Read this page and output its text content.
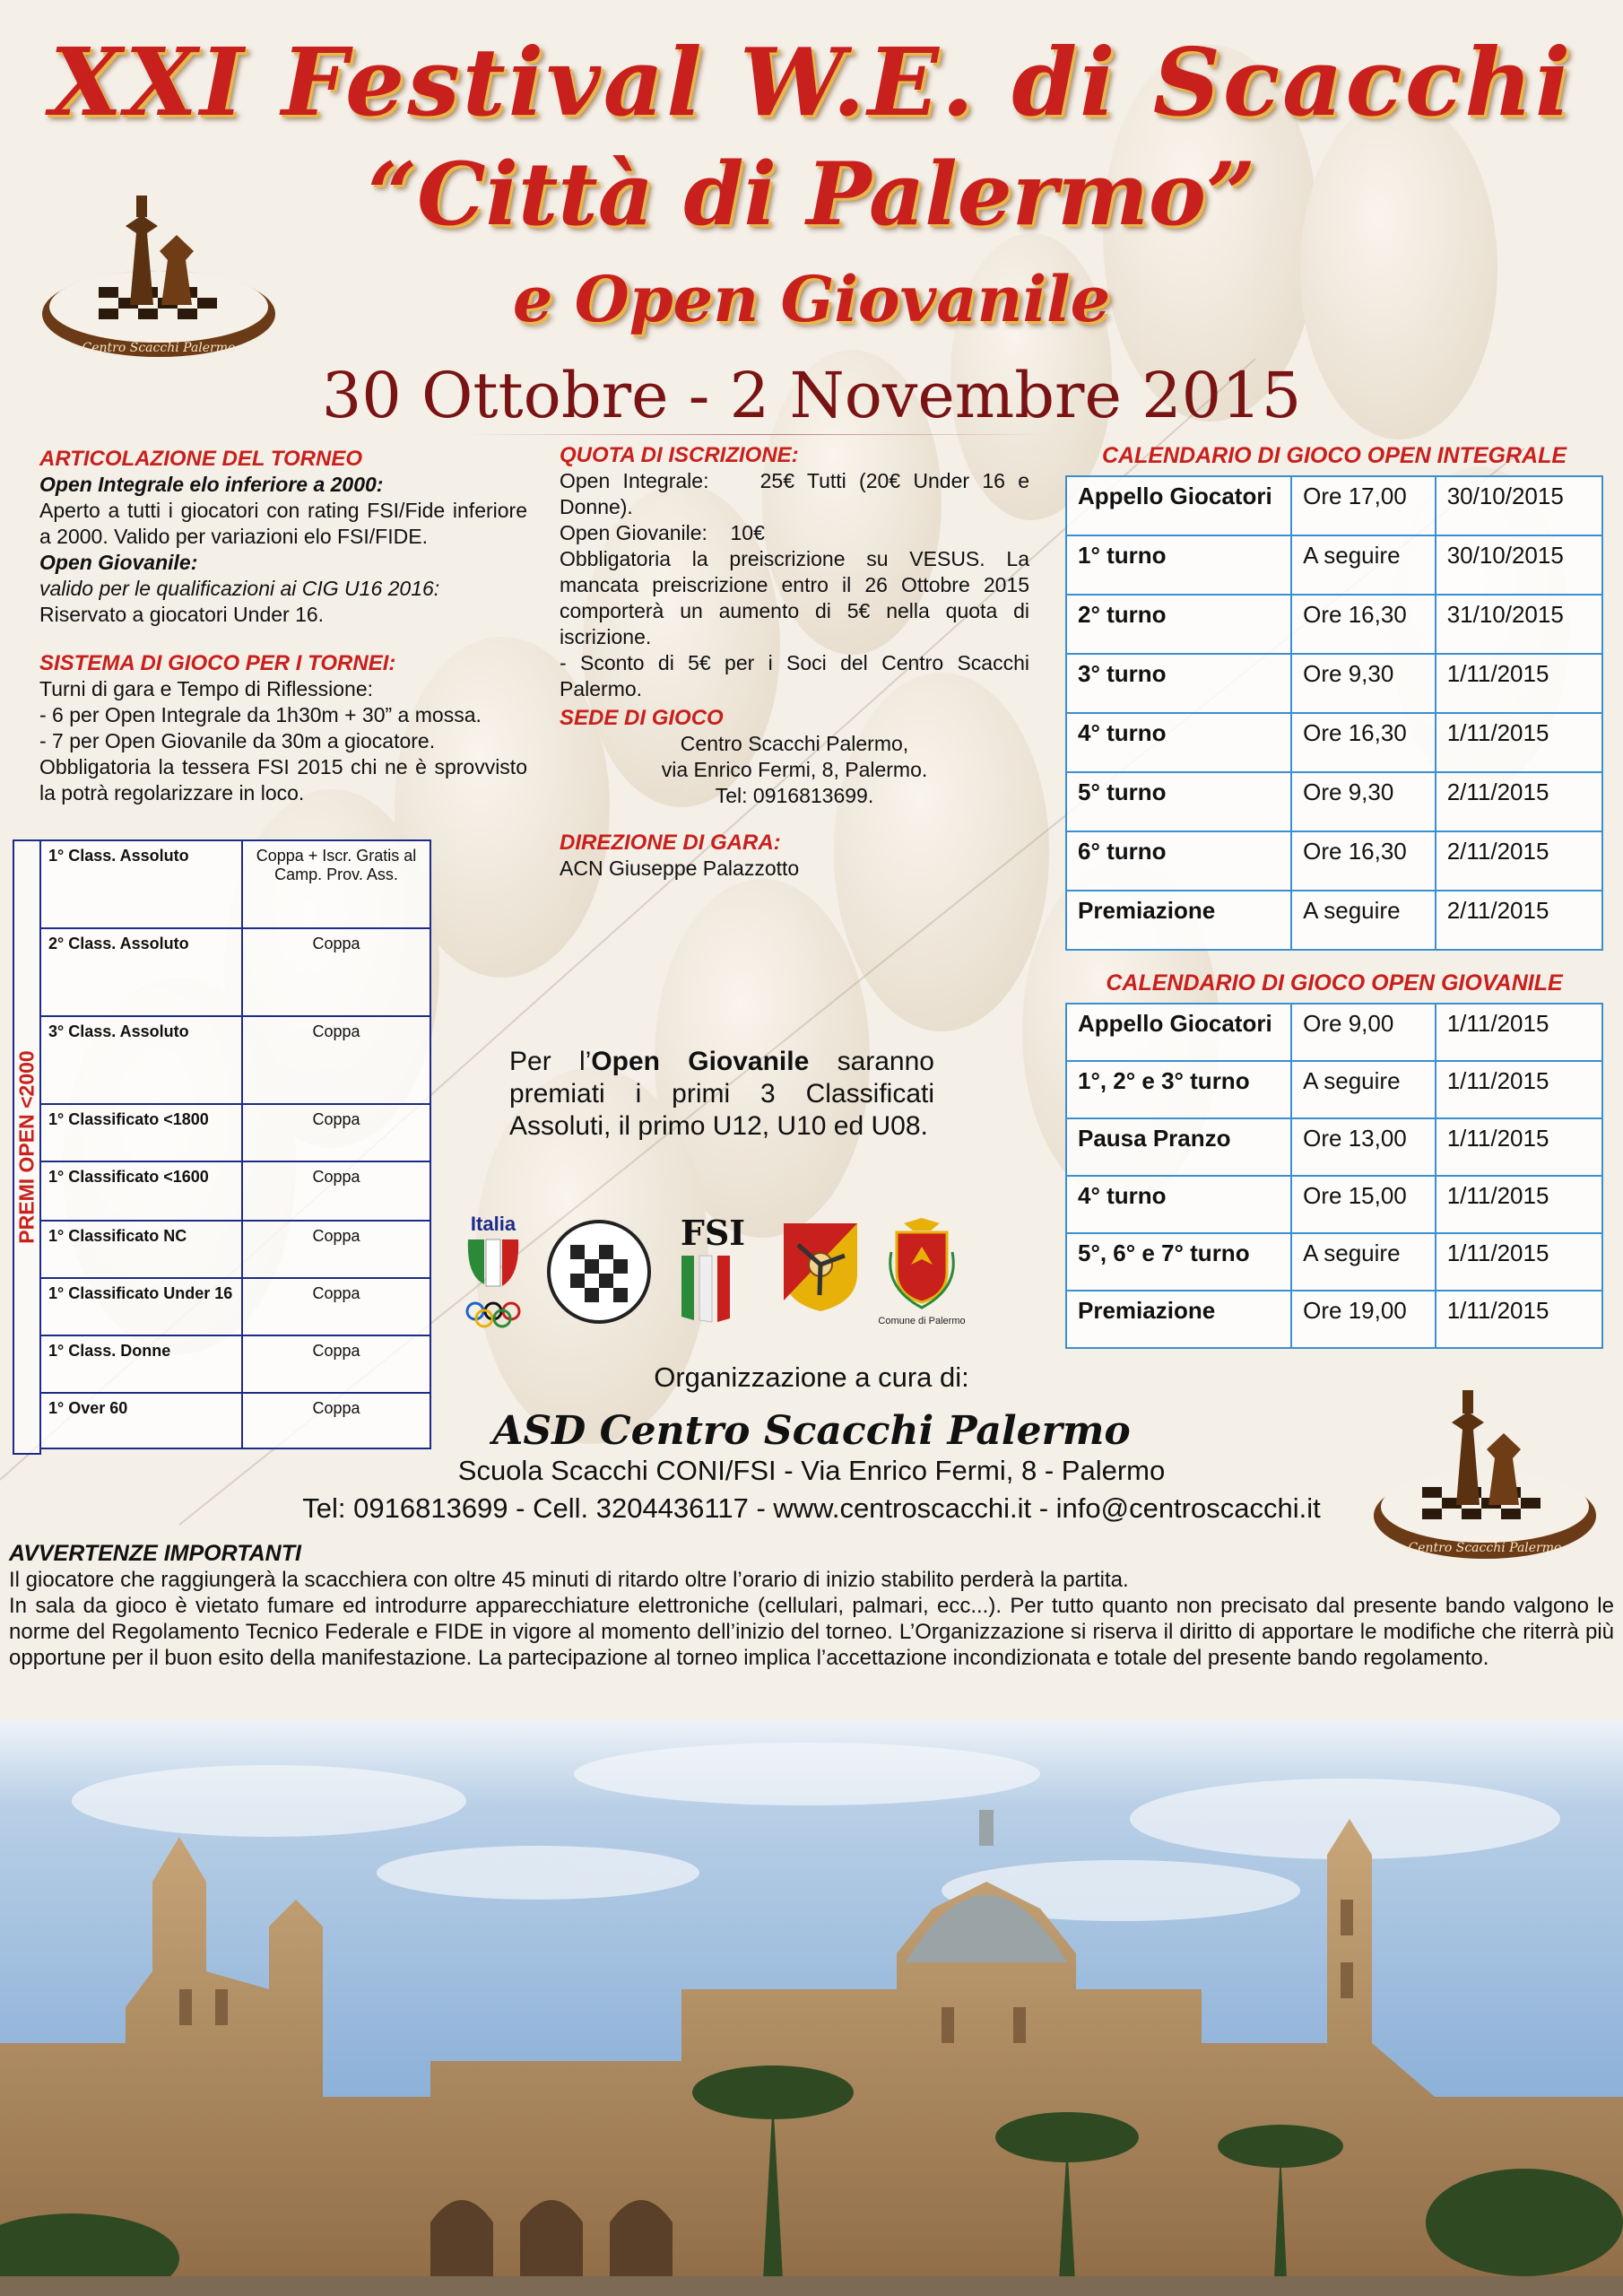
Centro Scacchi Palermo
XXI Festival W.E. di Scacchi
“Città di Palermo”
e Open Giovanile
30 Ottobre - 2 Novembre 2015
ARTICOLAZIONE DEL TORNEO
Open Integrale elo inferiore a 2000:
Aperto a tutti i giocatori con rating FSI/Fide inferiore a 2000. Valido per variazioni elo FSI/FIDE.
Open Giovanile:
valido per le qualificazioni ai CIG U16 2016:
Riservato a giocatori Under 16.
SISTEMA DI GIOCO PER I TORNEI:
Turni di gara e Tempo di Riflessione:
- 6 per Open Integrale da 1h30m + 30” a mossa.
- 7 per Open Giovanile da 30m a giocatore.
Obbligatoria la tessera FSI 2015 chi ne è sprovvisto la potrà regolarizzare in loco.
PREMI OPEN <2000
1° Class. Assoluto	Coppa + Iscr. Gratis al Camp. Prov. Ass.
2° Class. Assoluto	Coppa
3° Class. Assoluto	Coppa
1° Classificato <1800	Coppa
1° Classificato <1600	Coppa
1° Classificato NC	Coppa
1° Classificato Under 16	Coppa
1° Class. Donne	Coppa
1° Over 60	Coppa
QUOTA DI ISCRIZIONE:
Open Integrale:    25€ Tutti (20€ Under 16 e Donne).
Open Giovanile:    10€
Obbligatoria la preiscrizione su VESUS. La mancata preiscrizione entro il 26 Ottobre 2015 comporterà un aumento di 5€ nella quota di iscrizione.
- Sconto di 5€ per i Soci del Centro Scacchi Palermo.
SEDE DI GIOCO
Centro Scacchi Palermo,
via Enrico Fermi, 8, Palermo.
Tel: 0916813699.
DIREZIONE DI GARA:
ACN Giuseppe Palazzotto
Per l’Open Giovanile saranno premiati i primi 3 Classificati Assoluti, il primo U12, U10 ed U08.
Italia	FSI
Comune di Palermo
CALENDARIO DI GIOCO OPEN INTEGRALE
Appello Giocatori	Ore 17,00	30/10/2015
1° turno	A seguire	30/10/2015
2° turno	Ore 16,30	31/10/2015
3° turno	Ore 9,30	1/11/2015
4° turno	Ore 16,30	1/11/2015
5° turno	Ore 9,30	2/11/2015
6° turno	Ore 16,30	2/11/2015
Premiazione	A seguire	2/11/2015
CALENDARIO DI GIOCO OPEN GIOVANILE
Appello Giocatori	Ore 9,00	1/11/2015
1°, 2° e 3° turno	A seguire	1/11/2015
Pausa Pranzo	Ore 13,00	1/11/2015
4° turno	Ore 15,00	1/11/2015
5°, 6° e 7° turno	A seguire	1/11/2015
Premiazione	Ore 19,00	1/11/2015
Organizzazione a cura di:
ASD Centro Scacchi Palermo
Scuola Scacchi CONI/FSI - Via Enrico Fermi, 8 - Palermo
Tel: 0916813699 - Cell. 3204436117 - www.centroscacchi.it - info@centroscacchi.it
Centro Scacchi Palermo
AVVERTENZE IMPORTANTI
Il giocatore che raggiungerà la scacchiera con oltre 45 minuti di ritardo oltre l’orario di inizio stabilito perderà la partita.
In sala da gioco è vietato fumare ed introdurre apparecchiature elettroniche (cellulari, palmari, ecc...). Per tutto quanto non precisato dal presente bando valgono le norme del Regolamento Tecnico Federale e FIDE in vigore al momento dell’inizio del torneo. L’Organizzazione si riserva il diritto di apportare le modifiche che riterrà più opportune per il buon esito della manifestazione. La partecipazione al torneo implica l’accettazione incondizionata e totale del presente bando regolamento.
